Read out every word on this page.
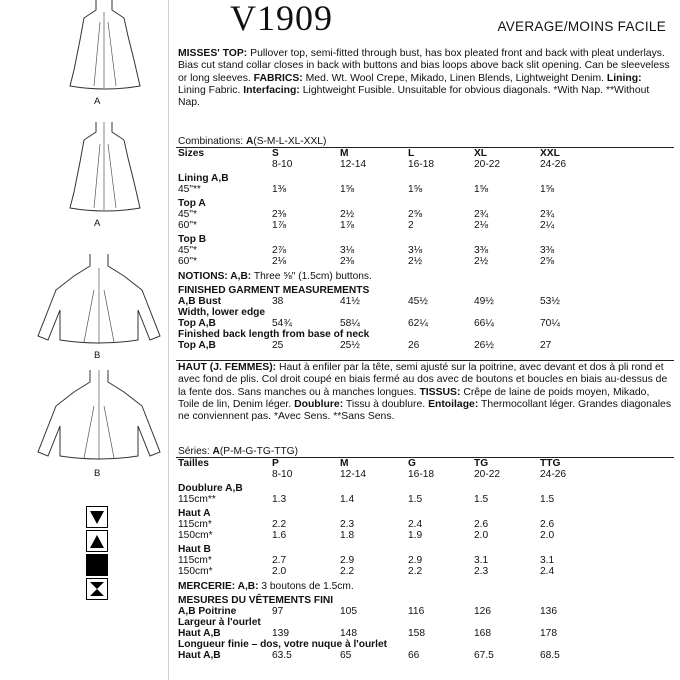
A
A
B
B
V1909	AVERAGE/MOINS FACILE
MISSES' TOP: Pullover top, semi-fitted through bust, has box pleated front and back with pleat underlays. Bias cut stand collar closes in back with buttons and bias loops above back slit opening. Can be sleeveless or long sleeves. FABRICS: Med. Wt. Wool Crepe, Mikado, Linen Blends, Lightweight Denim. Lining: Lining Fabric. Interfacing: Lightweight Fusible. Unsuitable for obvious diagonals. *With Nap. **Without Nap.
Combinations: A(S-M-L-XL-XXL)
Sizes	S	M	L	XL	XXL
8-10	12-14	16-18	20-22	24-26
Lining A,B
45"**	1⅜	1⅝	1⅝	1⅝	1⅝
Top A
45"*	2⅜	2½	2⅝	2¾	2¾
60"*	1⅞	1⅞	2	2⅛	2¼
Top B
45"*	2⅞	3⅛	3⅛	3⅜	3⅜
60"*	2⅛	2⅜	2½	2½	2⅝
NOTIONS: A,B: Three ⅝" (1.5cm) buttons.
FINISHED GARMENT MEASUREMENTS
A,B Bust	38	41½	45½	49½	53½
Width, lower edge
Top A,B	54¾	58¼	62¼	66¼	70¼
Finished back length from base of neck
Top A,B	25	25½	26	26½	27
HAUT (J. FEMMES): Haut à enfiler par la tête, semi ajusté sur la poitrine, avec devant et dos à pli rond et avec fond de plis. Col droit coupé en biais fermé au dos avec de boutons et boucles en biais au-dessus de la fente dos. Sans manches ou à manches longues. TISSUS: Crêpe de laine de poids moyen, Mikado, Toile de lin, Denim léger. Doublure: Tissu à doublure. Entoilage: Thermocollant léger. Grandes diagonales ne conviennent pas. *Avec Sens. **Sans Sens.
Séries: A(P-M-G-TG-TTG)
Tailles	P	M	G	TG	TTG
8-10	12-14	16-18	20-22	24-26
Doublure A,B
115cm**	1.3	1.4	1.5	1.5	1.5
Haut A
115cm*	2.2	2.3	2.4	2.6	2.6
150cm*	1.6	1.8	1.9	2.0	2.0
Haut B
115cm*	2.7	2.9	2.9	3.1	3.1
150cm*	2.0	2.2	2.2	2.3	2.4
MERCERIE: A,B: 3 boutons de 1.5cm.
MESURES DU VÊTEMENTS FINI
A,B Poitrine	97	105	116	126	136
Largeur à l'ourlet
Haut A,B	139	148	158	168	178
Longueur finie – dos, votre nuque à l'ourlet
Haut A,B	63.5	65	66	67.5	68.5
